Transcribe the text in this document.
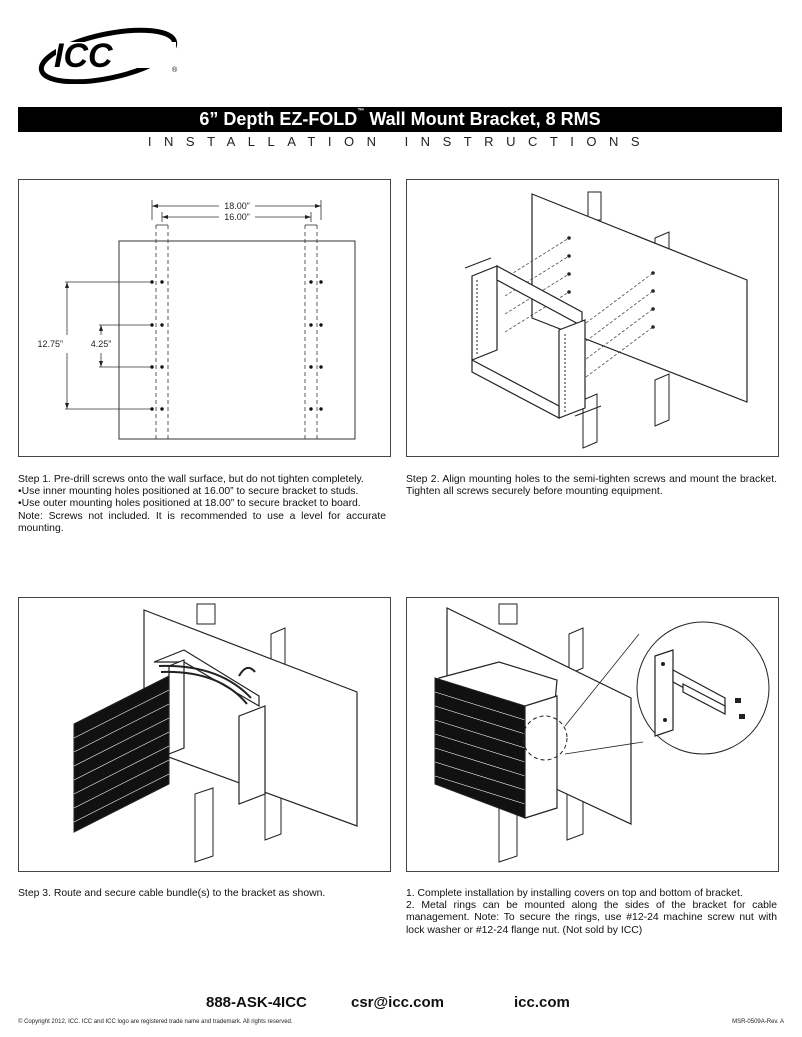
ICC	®
6” Depth EZ-FOLD™ Wall Mount Bracket, 8 RMS
INSTALLATION INSTRUCTIONS
18.00”
16.00”
12.75”	4.25”
Step 1. Pre-drill screws onto the wall surface, but do not tighten completely.
•Use inner mounting holes positioned at 16.00” to secure bracket to studs.
•Use outer mounting holes positioned at 18.00” to secure bracket to board.
Note: Screws not included. It is recommended to use a level for accurate mounting.
Step 2. Align mounting holes to the semi-tighten screws and mount the bracket. Tighten all screws securely before mounting equipment.
Step 3. Route and secure cable bundle(s) to the bracket as shown.	1. Complete installation by installing covers on top and bottom of bracket.
2. Metal rings can be mounted along the sides of the bracket for cable management. Note: To secure the rings, use #12-24 machine screw nut with lock washer or #12-24 flange nut. (Not sold by ICC)
888-ASK-4ICC	csr@icc.com	icc.com
© Copyright 2012, ICC. ICC and ICC logo are registered trade name and trademark. All rights reserved.	MSR-0509A-Rev. A
